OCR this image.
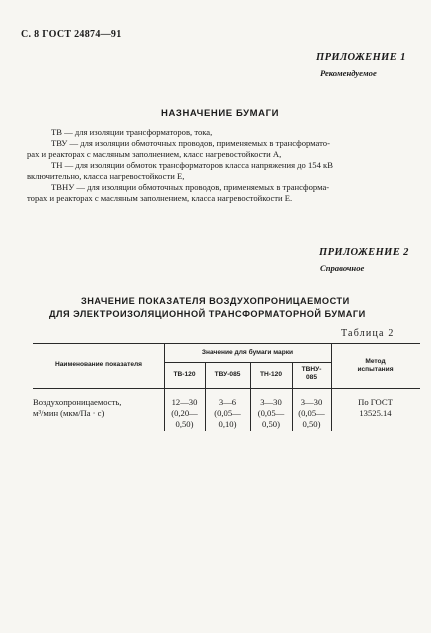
С. 8 ГОСТ 24874—91
ПРИЛОЖЕНИЕ 1
Рекомендуемое
НАЗНАЧЕНИЕ БУМАГИ
ТВ — для изоляции трансформаторов, тока,
ТВУ — для изоляции обмоточных проводов, применяемых в трансформато-
рах и реакторах с масляным заполнением, класс нагревостойкости А,
ТН — для изоляции обмоток трансформаторов класса напряжения до 154 кВ
включительно, класса нагревостойкости Е,
ТВНУ — для изоляции обмоточных проводов, применяемых в трансформа-
торах и реакторах с масляным заполнением, класса нагревостойкости Е.
ПРИЛОЖЕНИЕ 2
Справочное
ЗНАЧЕНИЕ ПОКАЗАТЕЛЯ ВОЗДУХОПРОНИЦАЕМОСТИ
ДЛЯ ЭЛЕКТРОИЗОЛЯЦИОННОЙ ТРАНСФОРМАТОРНОЙ БУМАГИ
Таблица 2
Наименование показателя
Значение для бумаги марки
Метод
испытания
ТВ-120	ТВУ-085	ТН-120
ТВНУ-
085
Воздухопроницаемость,
м³/мин (мкм/Па · с)
12—30
(0,20—
0,50)
3—6
(0,05—
0,10)
3—30
(0,05—
0,50)
3—30
(0,05—
0,50)
По ГОСТ
13525.14
